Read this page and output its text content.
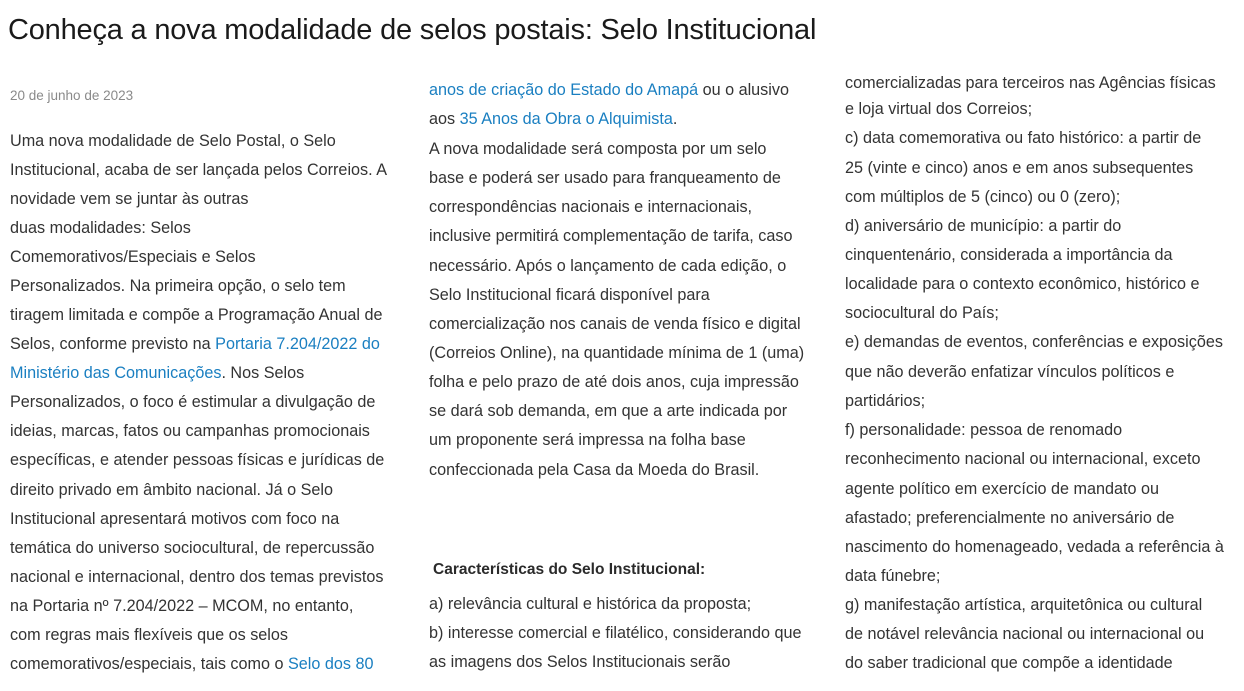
Conheça a nova modalidade de selos postais: Selo Institucional
20 de junho de 2023
Uma nova modalidade de Selo Postal, o Selo
Institucional, acaba de ser lançada pelos Correios. A
novidade vem se juntar às outras
duas modalidades: Selos
Comemorativos/Especiais e Selos
Personalizados. Na primeira opção, o selo tem
tiragem limitada e compõe a Programação Anual de
Selos, conforme previsto na Portaria 7.204/2022 do
Ministério das Comunicações. Nos Selos
Personalizados, o foco é estimular a divulgação de
ideias, marcas, fatos ou campanhas promocionais
específicas, e atender pessoas físicas e jurídicas de
direito privado em âmbito nacional. Já o Selo
Institucional apresentará motivos com foco na
temática do universo sociocultural, de repercussão
nacional e internacional, dentro dos temas previstos
na Portaria nº 7.204/2022 – MCOM, no entanto,
com regras mais flexíveis que os selos
comemorativos/especiais, tais como o Selo dos 80
anos de criação do Estado do Amapá ou o alusivo
aos 35 Anos da Obra o Alquimista.
A nova modalidade será composta por um selo
base e poderá ser usado para franqueamento de
correspondências nacionais e internacionais,
inclusive permitirá complementação de tarifa, caso
necessário. Após o lançamento de cada edição, o
Selo Institucional ficará disponível para
comercialização nos canais de venda físico e digital
(Correios Online), na quantidade mínima de 1 (uma)
folha e pelo prazo de até dois anos, cuja impressão
se dará sob demanda, em que a arte indicada por
um proponente será impressa na folha base
confeccionada pela Casa da Moeda do Brasil.
Características do Selo Institucional:
a) relevância cultural e histórica da proposta;
b) interesse comercial e filatélico, considerando que
as imagens dos Selos Institucionais serão
comercializadas para terceiros nas Agências físicas
e loja virtual dos Correios;
c) data comemorativa ou fato histórico: a partir de
25 (vinte e cinco) anos e em anos subsequentes
com múltiplos de 5 (cinco) ou 0 (zero);
d) aniversário de município: a partir do
cinquentenário, considerada a importância da
localidade para o contexto econômico, histórico e
sociocultural do País;
e) demandas de eventos, conferências e exposições
que não deverão enfatizar vínculos políticos e
partidários;
f) personalidade: pessoa de renomado
reconhecimento nacional ou internacional, exceto
agente político em exercício de mandato ou
afastado; preferencialmente no aniversário de
nascimento do homenageado, vedada a referência à
data fúnebre;
g) manifestação artística, arquitetônica ou cultural
de notável relevância nacional ou internacional ou
do saber tradicional que compõe a identidade
